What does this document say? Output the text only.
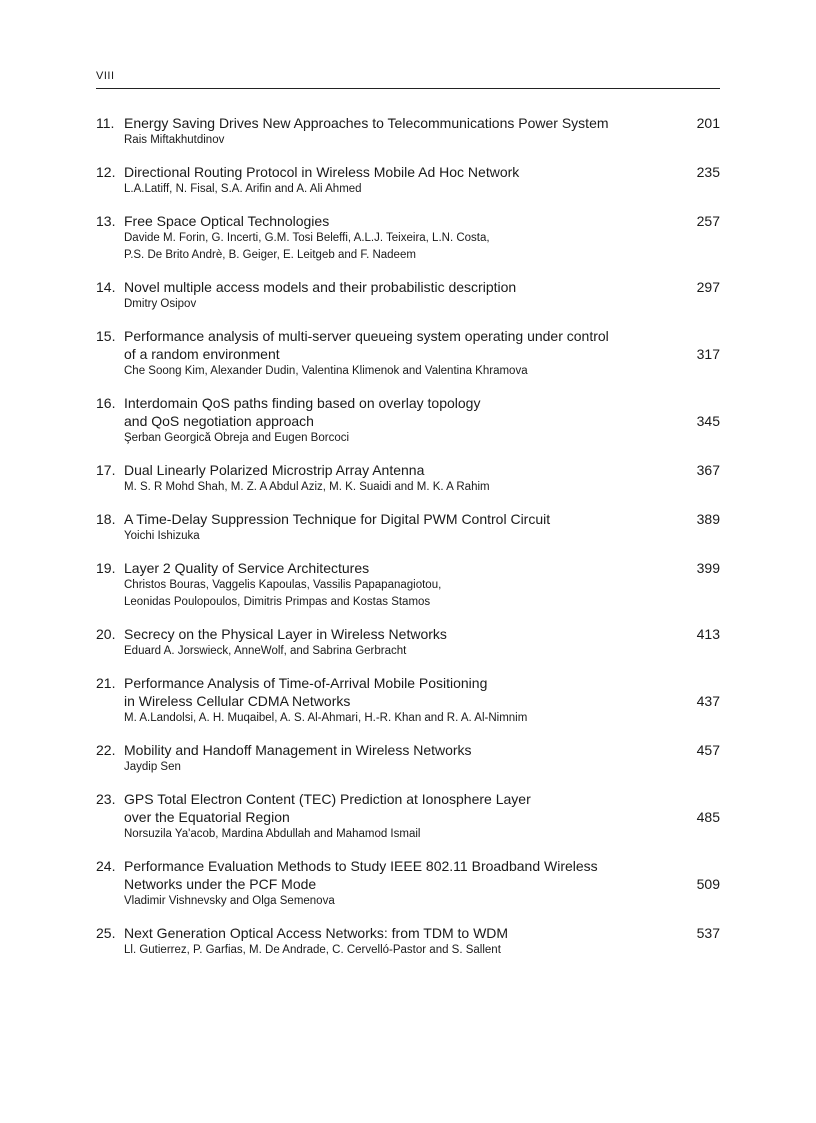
VIII
11. Energy Saving Drives New Approaches to Telecommunications Power System
Rais Miftakhutdinov
201
12. Directional Routing Protocol in Wireless Mobile Ad Hoc Network
L.A.Latiff, N. Fisal, S.A. Arifin and A. Ali Ahmed
235
13. Free Space Optical Technologies
Davide M. Forin, G. Incerti, G.M. Tosi Beleffi, A.L.J. Teixeira, L.N. Costa,
P.S. De Brito Andrè, B. Geiger, E. Leitgeb and F. Nadeem
257
14. Novel multiple access models and their probabilistic description
Dmitry Osipov
297
15. Performance analysis of multi-server queueing system operating under control
of a random environment
Che Soong Kim, Alexander Dudin, Valentina Klimenok and Valentina Khramova
317
16. Interdomain QoS paths finding based on overlay topology
and QoS negotiation approach
Şerban Georgică Obreja and Eugen Borcoci
345
17. Dual Linearly Polarized Microstrip Array Antenna
M. S. R Mohd Shah, M. Z. A Abdul Aziz, M. K. Suaidi and M. K. A Rahim
367
18. A Time-Delay Suppression Technique for Digital PWM Control Circuit
Yoichi Ishizuka
389
19. Layer 2 Quality of Service Architectures
Christos Bouras, Vaggelis Kapoulas, Vassilis Papapanagiotou,
Leonidas Poulopoulos, Dimitris Primpas and Kostas Stamos
399
20. Secrecy on the Physical Layer in Wireless Networks
Eduard A. Jorswieck, AnneWolf, and Sabrina Gerbracht
413
21. Performance Analysis of Time-of-Arrival Mobile Positioning
in Wireless Cellular CDMA Networks
M. A.Landolsi, A. H. Muqaibel, A. S. Al-Ahmari, H.-R. Khan and R. A. Al-Nimnim
437
22. Mobility and Handoff Management in Wireless Networks
Jaydip Sen
457
23. GPS Total Electron Content (TEC) Prediction at Ionosphere Layer
over the Equatorial Region
Norsuzila Ya'acob, Mardina Abdullah and Mahamod Ismail
485
24. Performance Evaluation Methods to Study IEEE 802.11 Broadband Wireless
Networks under the PCF Mode
Vladimir Vishnevsky and Olga Semenova
509
25. Next Generation Optical Access Networks: from TDM to WDM
Ll. Gutierrez, P. Garfias, M. De Andrade, C. Cervelló-Pastor and S. Sallent
537
